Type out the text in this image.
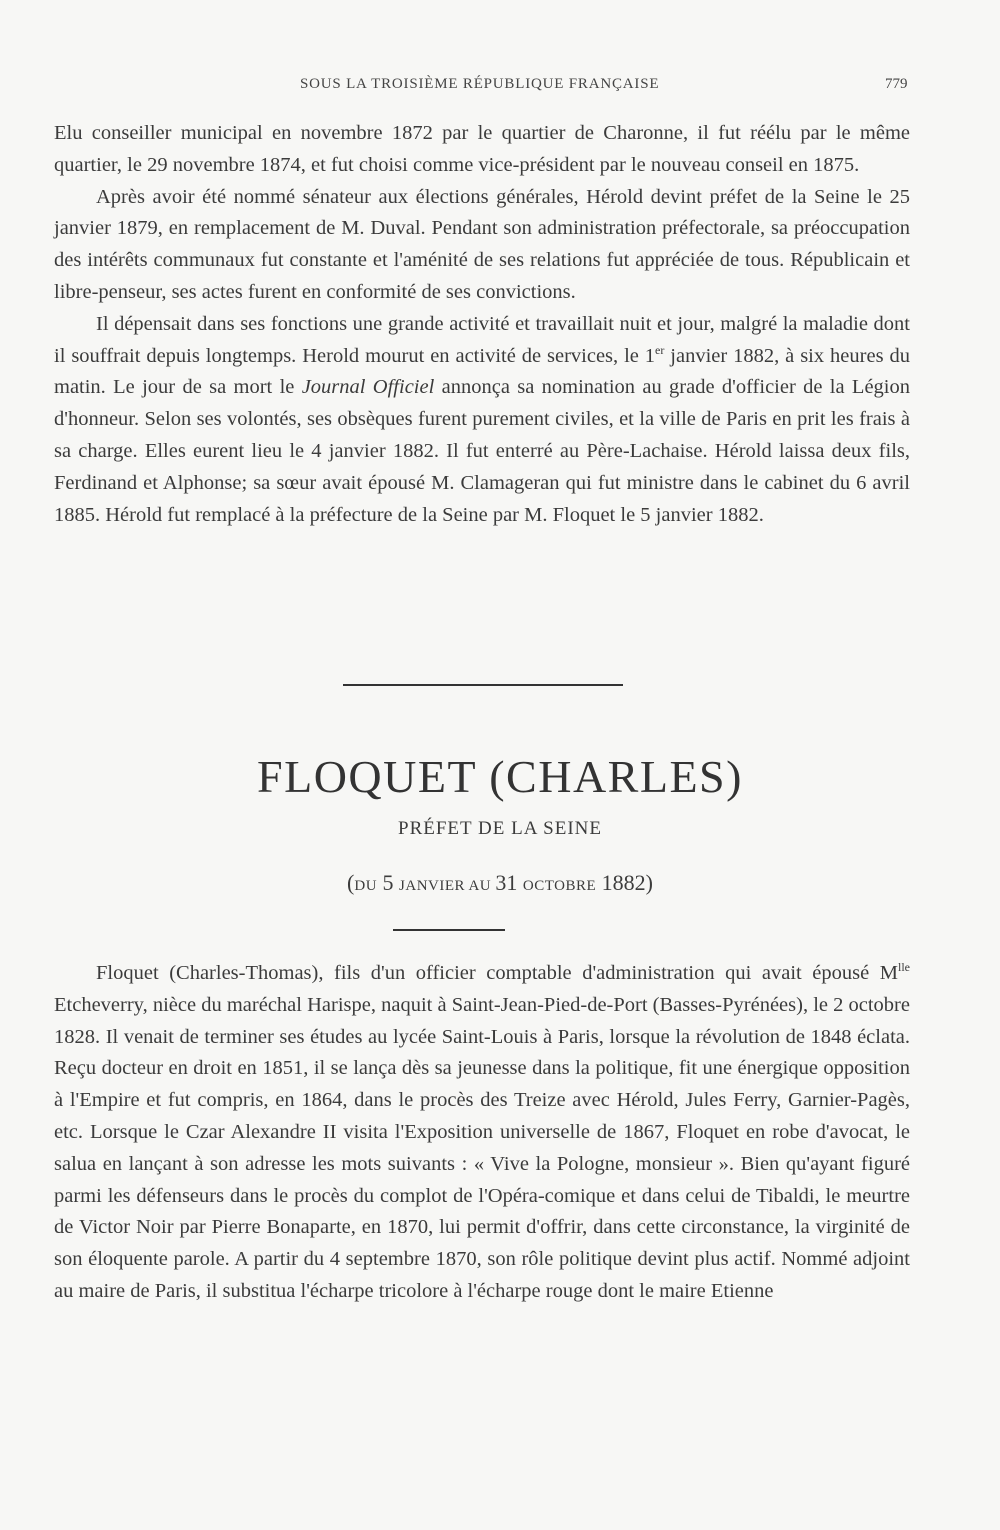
SOUS LA TROISIÈME RÉPUBLIQUE FRANÇAISE	779

Elu conseiller municipal en novembre 1872 par le quartier de Charonne, il fut réélu par le même quartier, le 29 novembre 1874, et fut choisi comme vice-président par le nouveau conseil en 1875.

Après avoir été nommé sénateur aux élections générales, Hérold devint préfet de la Seine le 25 janvier 1879, en remplacement de M. Duval. Pendant son administration préfectorale, sa préoccupation des intérêts communaux fut constante et l'aménité de ses relations fut appréciée de tous. Républicain et libre-penseur, ses actes furent en conformité de ses convictions.

Il dépensait dans ses fonctions une grande activité et travaillait nuit et jour, malgré la maladie dont il souffrait depuis longtemps. Herold mourut en activité de services, le 1er janvier 1882, à six heures du matin. Le jour de sa mort le Journal Officiel annonça sa nomination au grade d'officier de la Légion d'honneur. Selon ses volontés, ses obsèques furent purement civiles, et la ville de Paris en prit les frais à sa charge. Elles eurent lieu le 4 janvier 1882. Il fut enterré au Père-Lachaise. Hérold laissa deux fils, Ferdinand et Alphonse; sa sœur avait épousé M. Clamageran qui fut ministre dans le cabinet du 6 avril 1885. Hérold fut remplacé à la préfecture de la Seine par M. Floquet le 5 janvier 1882.

FLOQUET (CHARLES)
PRÉFET DE LA SEINE
(DU 5 JANVIER AU 31 OCTOBRE 1882)

Floquet (Charles-Thomas), fils d'un officier comptable d'administration qui avait épousé $M^{lle}$ Etcheverry, nièce du maréchal Harispe, naquit à Saint-Jean-Pied-de-Port (Basses-Pyrénées), le 2 octobre 1828. Il venait de terminer ses études au lycée Saint-Louis à Paris, lorsque la révolution de 1848 éclata. Reçu docteur en droit en 1851, il se lança dès sa jeunesse dans la politique, fit une énergique opposition à l'Empire et fut compris, en 1864, dans le procès des Treize avec Hérold, Jules Ferry, Garnier-Pagès, etc. Lorsque le Czar Alexandre II visita l'Exposition universelle de 1867, Floquet en robe d'avocat, le salua en lançant à son adresse les mots suivants : « Vive la Pologne, monsieur ». Bien qu'ayant figuré parmi les défenseurs dans le procès du complot de l'Opéra-comique et dans celui de Tibaldi, le meurtre de Victor Noir par Pierre Bonaparte, en 1870, lui permit d'offrir, dans cette circonstance, la virginité de son éloquente parole. A partir du 4 septembre 1870, son rôle politique devint plus actif. Nommé adjoint au maire de Paris, il substitua l'écharpe tricolore à l'écharpe rouge dont le maire Etienne
